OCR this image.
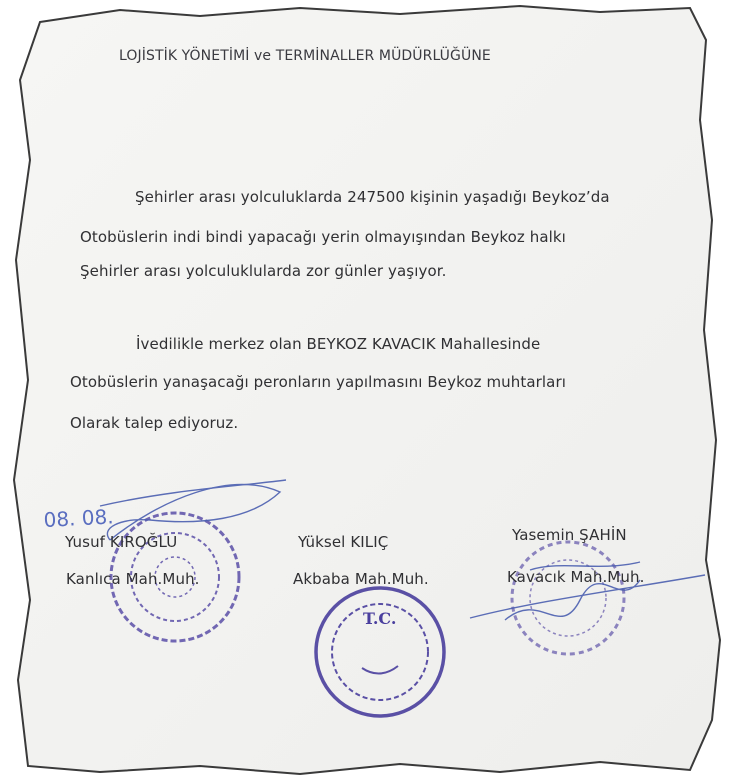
LOJİSTİK YÖNETİMİ ve TERMİNALLER MÜDÜRLÜĞÜNE
Şehirler arası yolculuklarda 247500 kişinin yaşadığı Beykoz’da
Otobüslerin indi bindi yapacağı yerin olmayışından Beykoz halkı
Şehirler arası yolculuklularda zor günler yaşıyor.
İvedilikle merkez olan BEYKOZ KAVACIK Mahallesinde
Otobüslerin yanaşacağı peronların yapılmasını Beykoz muhtarları
Olarak talep ediyoruz.
T.C.
08. 08.
Yusuf KIROĞLU
Kanlıca Mah.Muh.
Yüksel KILIÇ
Akbaba Mah.Muh.
Yasemin ŞAHİN
Kavacık Mah.Muh.
